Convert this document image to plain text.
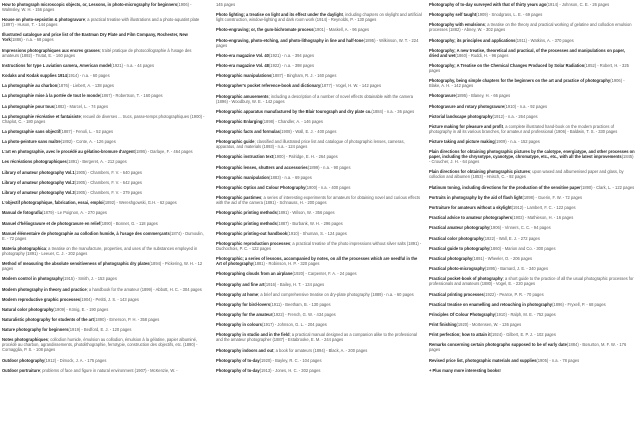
How to photograph microscopic objects, or, Lessons, in photo-micrography for beginners(1906) - Walmsley, W. H. - 156 pages
House on photo-sepsistim & photogravure; a practical treatise with illustrations and a photo-aquatint plate (1897) - Huson, T. - 144 pages
Illustrated catalogue and price list of the Eastman Dry Plate and Film Company, Rochester, New York(1886) - n.a. - 68 pages
Impressions photographiques aux encres grasses; traité pratique de photocollographie à l'usage des amateurs (1892) - Trutat, E. - 160 pages
Instructions for type L aviation camera, American model(1921) - n.a. - 44 pages
Kodaks and Kodak supplies 1914(1914) - n.a. - 60 pages
La photographie au charbon(1876) - Liebert, A. - 138 pages
La photographie mise à la portée de tout le monde(1867) - Robertson, T. - 160 pages
La photographie pour tous(1882) - Marcel, L. - 74 pages
La photographie récréative et fantaisiste; recueil de diverses ... trucs, passe-temps photographiques (1900) - Chaplot, C. - 180 pages
La photographie sans objectif(1887) - Fenoli, L. - 52 pages
La photo-peinture sans maître(1892) - Conte, A. - 126 pages
L'art en photographie, avec le procédé au gélatino-bromure d'argent(1895) - Darlaye, F. - 464 pages
Les récréations photographiques(1891) - Bergeret, A. - 212 pages
Library of amateur photography Vol.1(1905) - Chambers, F. V. - 640 pages
Library of amateur photography Vol.2(1905) - Chambers, F. V. - 642 pages
Library of amateur photography Vol.3(1905) - Chambers, F. V. - 379 pages
L'objectif photographique, fabrication, essai, emploi(1892) - Wereshgowski, G.H. - 62 pages
Manual de fotografía(1879) - Le Poignon, A. - 270 pages
Manuel d'héliogravure et de photogravure en relief(1890) - Bonnet, G. - 118 pages
Manuel élémentaire de photographie au collodion humide, à l'usage des commerçants(1874) - Dumoulin, E. - 72 pages
Materia photographica; a treatise on the manufacture, properties, and uses of the substances employed in photography (1891) - Leeuer, C. J. - 202 pages
Method of measuring the absolute sensitiveness of photographic dry plates(1894) - Pickering, W. H. - 12 pages
Modern control in photography(1915) - Smith, J. - 153 pages
Modern photography in theory and practice; a handbook for the amateur (1899) - Abbott, H. C. - 304 pages
Modern reproductive graphic processes(1904) - Petitti, J. S. - 143 pages
Natural color photography(1909) - König, E. - 190 pages
Naturalistic photography for students of the art(1890) - Emerson, P. H. - 358 pages
Nature photography for beginners(1919) - Bedford, E. J. - 120 pages
Notes photographiques; collodion humide, émulsion au collodion, émulsion à la gélatine, papier albuminé, procédé au charbon, agrandissements, photolithographie, ferrotypie, construction des objectifs, etc. (1890) - Cornagglia, P. S. - 108 pages
Outdoor photography(1912) - Dimock, J. A. - 175 pages
Outdoor portraiture; problems of face and figure in natural environment (1907) - McKenzie, W. -
145 pages
Photo lighting; a treatise on light and its effect under the daylight, including chapters on skylight and artificial light construction, window-lighting and dark room work (1914) - Reynolds, P. - 130 pages
Photo-engraving; or, the gum-bichromate process(1901) - Maskell, A. - 96 pages
Photo-engraving, photo-etching, and photo-lithography in line and half-tone(1895) - Wilkinson, W. T. - 224 pages
Photo-era magazine Vol. 40(1921) - n.a. - 394 pages
Photo-era magazine Vol. 48(1922) - n.a. - 398 pages
Photographic manipulations(1887) - Bingham, R. J. - 160 pages
Photographer's pocket reference-book and dictionary(1877) - Vogel, H. W. - 142 pages
Photographic amusements; including a description of a number of novel effects obtainable with the camera (1896) - Woodbury, W. E. - 142 pages
Photographic apparatus manufactured by the Blair tourograph and dry plate co.(1884) - n.a. - 36 pages
Photographic Enlarging(1898) - Chandler, A. - 146 pages
Photographic facts and formulas(1908) - Wall, E. J. - 400 pages
Photographic guide; classified and illustrated price list and catalogue of photographic lenses, cameras, apparatus, and materials (1893) - n.a. - 124 pages
Photographic instruction text(1900) - Palridge, E. H. - 264 pages
Photographic lenses, shutters and accessories(1899) - n.a. - 90 pages
Photographic manipulation(1883) - n.a. - 69 pages
Photographic Optics and Colour Photography(1900) - n.a. - 400 pages
Photographic pastimes; a series of interesting experiments for amateurs for obtaining novel and curious effects with the aid of the camera (1891) - Schnauss, H. - 200 pages
Photographic printing methods(1891) - Wilson, W. - 356 pages
Photographic printing methods(1887) - Burbank, W. H. - 296 pages
Photographic printing-out handbook(1910) - Shuman, S. - 124 pages
Photographic reproduction processes; a practical treatise of the photo impressions without silver salts (1891) - Duchochois, P. C. - 122 pages
Photographic; a series of lessons, accompanied by notes, on all the processes which are needful in the Art of photography(1881) - Robinson, H. P. - 320 pages
Photographing clouds from an airplane(1920) - Carpenter, F. A. - 24 pages
Photography and fine art(1916) - Bailey, H. T. - 134 pages
Photography at home; a brief and comprehensive treatise on dry-plate photography (1889) - n.a. - 60 pages
Photography for bird-lovers(1911) - Beetham, B. - 130 pages
Photography for the amateur(1922) - French, G. W. - 434 pages
Photography in colours(1917) - Johnson, G. L. - 204 pages
Photography in studio and in the field; a practical manual designed as a companion alike to the professional and the amateur photographer (1887) - Estabrooke, E. M. - 244 pages
Photography indoors and out; a book for amateurs (1894) - Black, A. - 200 pages
Photography of to-day(1920) - Bayley, R. C. - 104 pages
Photography of to-day(1913) - Jones, H. C. - 302 pages
Photography of to-day surveyed with that of thirty years ago(1914) - Johnson, C. E. - 26 pages
Photography self taught(1909) - Snodgrass, L. E. - 69 pages
Photography with emulsions; a treatise on the theory and practical working of gelatine and collodion emulsion processes (1882) - Abney, W. - 302 pages
Photography; its principles and applications(1911) - Watkins, A. - 370 pages
Photography; A new treatise, theoretical and practical, of the processes and manipulations on paper, dried and wet(1860) - Ruddi, H. - 96 pages
Photography; A Treatise on the Chemical Changes Produced by Solar Radiation(1852) - Robert, H. - 325 pages
Photography, being simple chapters for the beginners on the art and practice of photography(1906) - Blake, A. H. - 142 pages
Photogravure(1895) - Blaney, H. - 66 pages
Photogravure and rotary photogravure(1910) - n.a. - 92 pages
Pictorial landscape photography(1912) - n.a. - 264 pages
Picture making for pleasure and profit, a complete illustrated hand-book on the modern practices of photography in all its various branches, for amateur and professional (1906) - Baldwin, T. S. - 330 pages
Picture taking and picture making(1909) - n.a. - 152 pages
Plain directions for obtaining photographic pictures by the calotype, energiatype, and other processes on paper, including the chrysotype, cyanotype, chromatype, etc., etc., with all the latest improvements(1845) - Croucher, J. H. - 64 pages
Plain directions for obtaining photographic pictures; upon waxed and albumenised paper and glass, by collodion and albumen (1853) - Hnisch, C. - 92 pages
Platinum toning, including directions for the production of the sensitive paper(1890) - Clark, L. - 122 pages
Portraits in photography by the aid of flash light(1898) - Guerin, F. W. - 72 pages
Portraiture for amateurs without a skylight(1912) - Lambert, F. C. - 122 pages
Practical advice to amateur photographers(1902) - Mathieson, H. - 16 pages
Practical amateur photography(1906) - Vinners, C. C. - 94 pages
Practical color photography(1922) - Wall, E. J. - 272 pages
Practical guide to photography(1860) - Marion and Co. - 300 pages
Practical photography(1891) - Wheeler, O. - 206 pages
Practical photo-micrography(1895) - Barnard, J. E. - 340 pages
Practical pocket-book of photography; a short guide to the practice of all the usual photographic processes for professionals and amateurs (1880) - Vogel, E. - 220 pages
Practical printing processes(1922) - Pearce, P. R. - 70 pages
Practical treatise on enamelling and retouching in photography(1896) - Fryxell, P. - 68 pages
Principles Of Colour Photography(1910) - Ralph, M. E. - 752 pages
Print finishing(1920) - Mortensen, W. - 136 pages
Print perfection; how to attain it(1924) - Gilbert, E. P. J. - 102 pages
Remarks concerning certain photographs supposed to be of early date(1884) - Bosurton, M. F. W. - 176 pages
Revised price list, photographic materials and supplies(1905) - n.a. - 78 pages
+ Plus many more interesting books!
